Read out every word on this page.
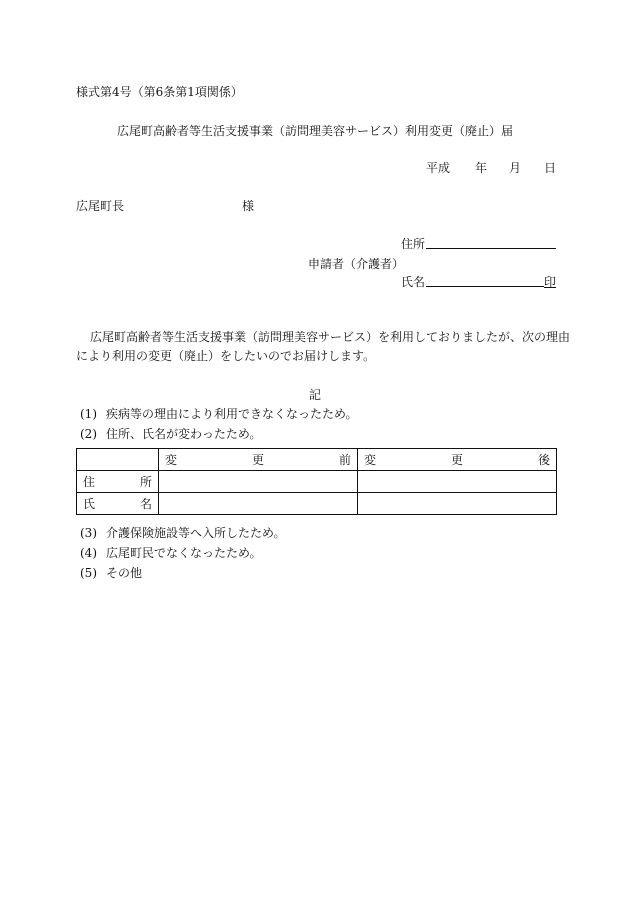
様式第4号（第6条第1項関係）
広尾町高齢者等生活支援事業（訪問理美容サービス）利用変更（廃止）届
平成 年 月 日
広尾町長	様
住所
申請者（介護者）
氏名	印
広尾町高齢者等生活支援事業（訪問理美容サービス）を利用しておりましたが、次の理由
により利用の変更（廃止）をしたいのでお届けします。
記
(1) 疾病等の理由により利用できなくなったため。
(2) 住所、氏名が変わったため。

	変 更 前	変 更 後

住 所		

氏 名		

(3) 介護保険施設等へ入所したため。
(4) 広尾町民でなくなったため。
(5) その他
